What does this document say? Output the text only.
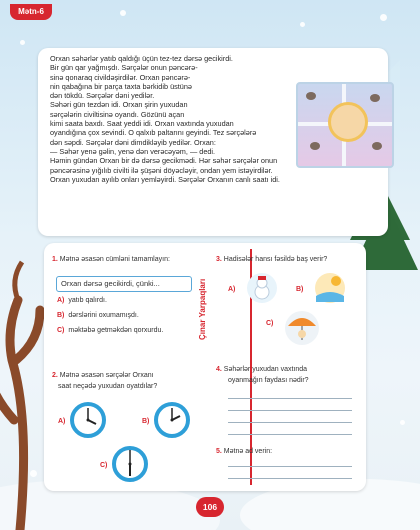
Mətn-6
Orxan səhərlər yatıb qaldığı üçün tez-tez dərsə gecikirdi.
Bir gün qar yağmışdı. Sərçələr onun pəncərə-
sinə qonaraq civildəşirdilər. Orxan pəncərə-
nin qabağına bir parça taxta bərkidib üstünə
dən tökdü. Sərçələr dəni yedilər.
Səhəri gün tezdən idi. Orxan şirin yuxudan
sərçələrin civiltisinə oyandı. Gözünü açan
kimi saata baxdı. Saat yeddi idi. Orxan vaxtında yuxudan
oyandığına çox sevindi. O qalxıb paltarını geyindi. Tez sərçələrə
dən səpdi. Sərçələr dəni dimdikləyib yedilər. Orxan:
— Səhər yenə gəlin, yenə dən verəcəyəm, — dedi.
Həmin gündən Orxan bir də dərsə gecikmədi. Hər səhər sərçələr onun
pəncərəsinə yığılıb civilti ilə şüşəni döyəcləyir, ondan yem istəyirdilər.
Orxan yuxudan ayılıb onları yemləyirdi. Sərçələr Orxanın canlı saatı idi.
Çınar Yarpaqları
1. Mətnə əsasən cümləni tamamlayın:
Orxan dərsə gecikirdi, çünki...
A) yatıb qalırdı.
B) dərslərini oxumamışdı.
C) məktəbə getməkdən qorxurdu.
2. Mətnə əsasən sərçələr Orxanı
saat neçədə yuxudan oyatdılar?
A)	B)
C)
3. Hadisələr hansı fəsildə baş verir?
A)	B)
C)
4. Səhərlər yuxudan vaxtında
oyanmağın faydası nədir?
5. Mətnə ad verin:
106
